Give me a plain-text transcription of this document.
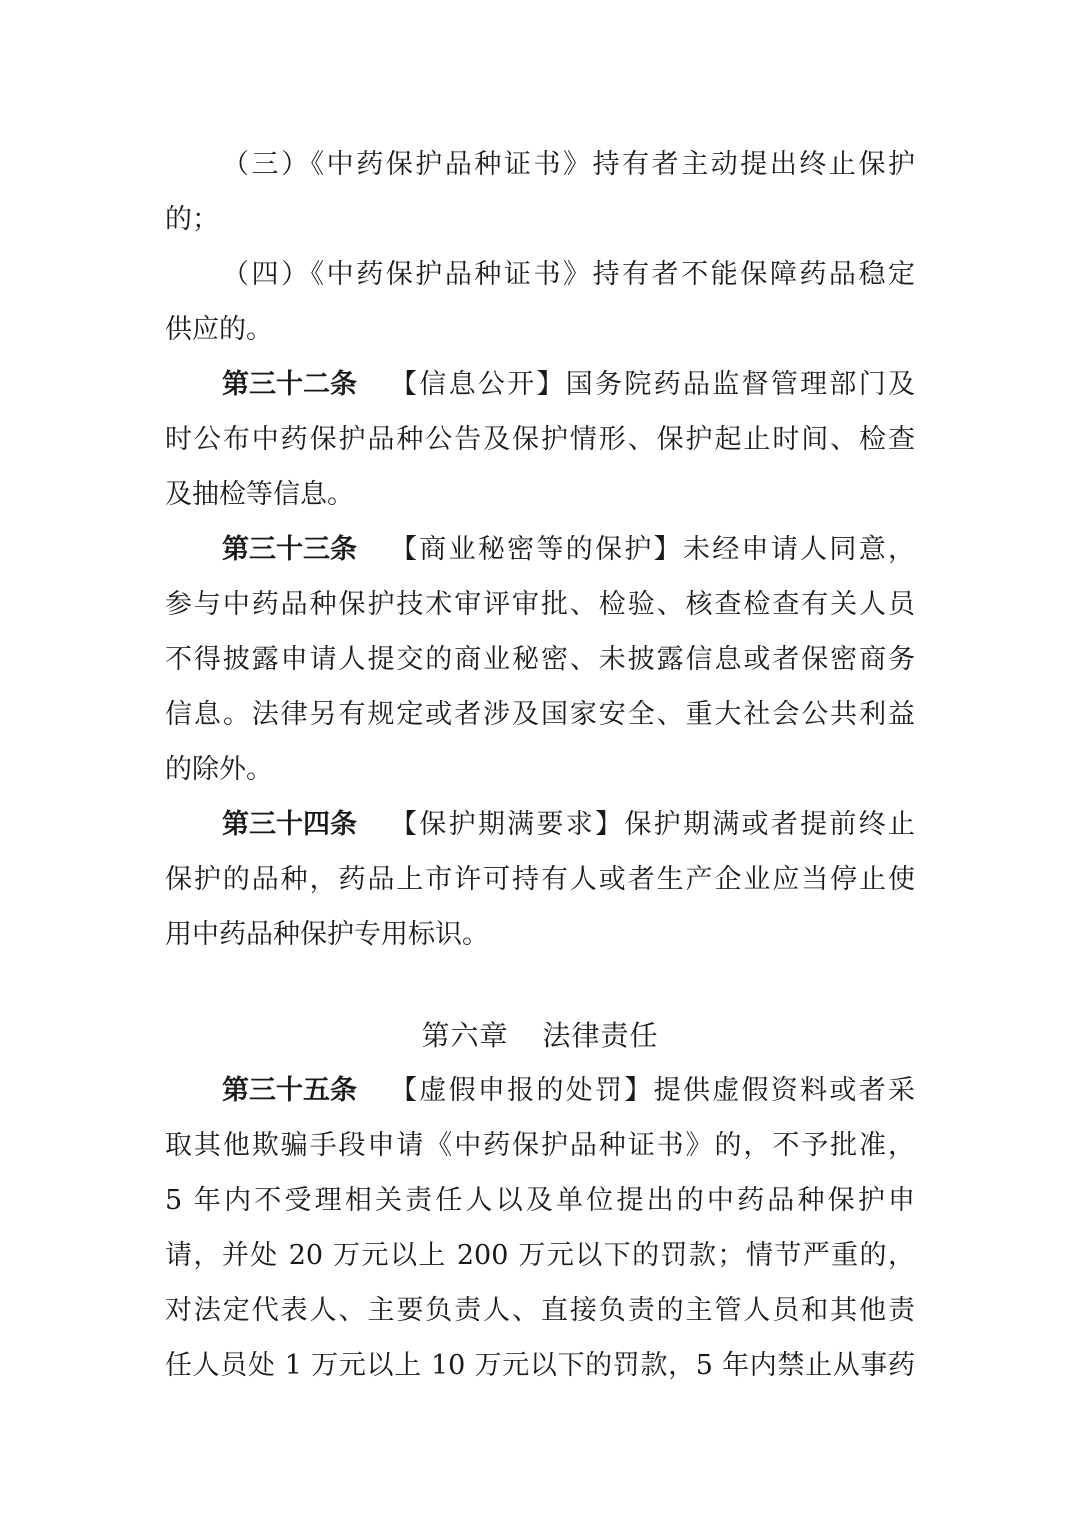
（三）《中药保护品种证书》持有者主动提出终止保护
的；
（四）《中药保护品种证书》持有者不能保障药品稳定
供应的。
第三十二条 【信息公开】国务院药品监督管理部门及
时公布中药保护品种公告及保护情形、保护起止时间、检查
及抽检等信息。
第三十三条 【商业秘密等的保护】未经申请人同意，
参与中药品种保护技术审评审批、检验、核查检查有关人员
不得披露申请人提交的商业秘密、未披露信息或者保密商务
信息。法律另有规定或者涉及国家安全、重大社会公共利益
的除外。
第三十四条 【保护期满要求】保护期满或者提前终止
保护的品种，药品上市许可持有人或者生产企业应当停止使
用中药品种保护专用标识。
第六章 法律责任
第三十五条 【虚假申报的处罚】提供虚假资料或者采
取其他欺骗手段申请《中药保护品种证书》的，不予批准，
5 年内不受理相关责任人以及单位提出的中药品种保护申
请，并处 20 万元以上 200 万元以下的罚款；情节严重的，
对法定代表人、主要负责人、直接负责的主管人员和其他责
任人员处 1 万元以上 10 万元以下的罚款，5 年内禁止从事药
